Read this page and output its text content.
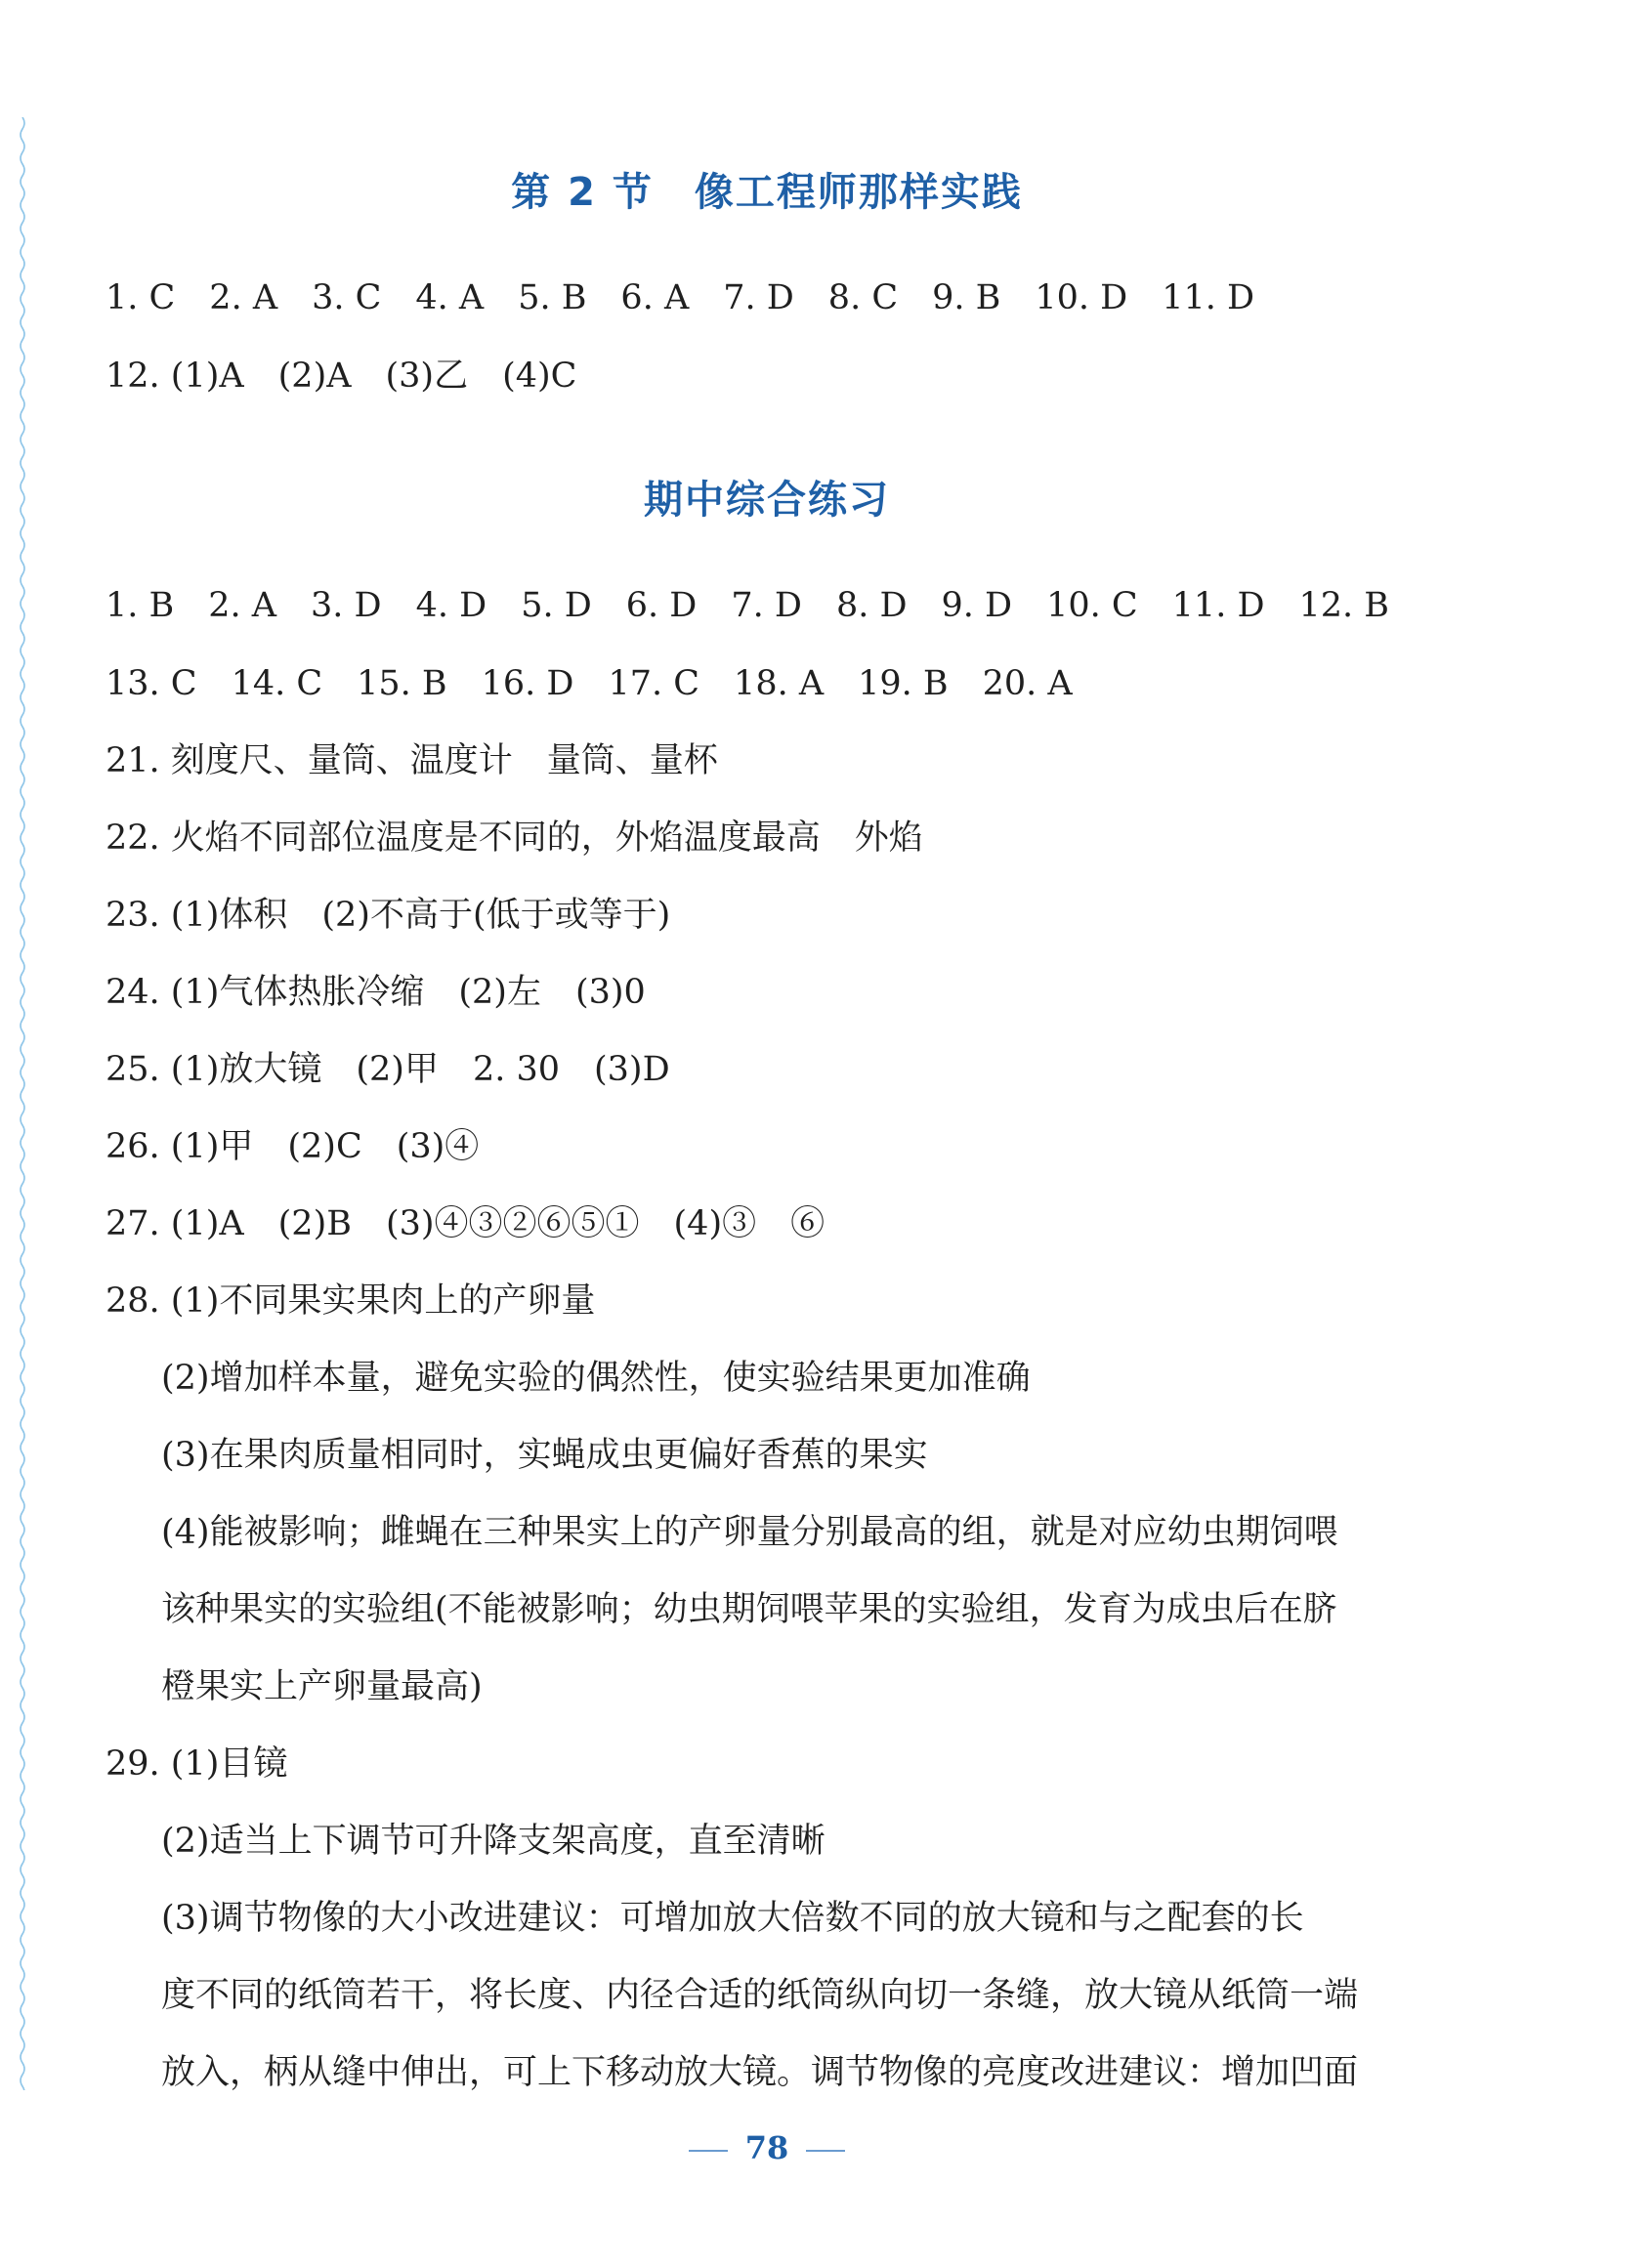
第 2 节　像工程师那样实践
1. C　2. A　3. C　4. A　5. B　6. A　7. D　8. C　9. B　10. D　11. D
12. (1)A　(2)A　(3)乙　(4)C
期中综合练习
1. B　2. A　3. D　4. D　5. D　6. D　7. D　8. D　9. D　10. C　11. D　12. B
13. C　14. C　15. B　16. D　17. C　18. A　19. B　20. A
21. 刻度尺、量筒、温度计　量筒、量杯
22. 火焰不同部位温度是不同的，外焰温度最高　外焰
23. (1)体积　(2)不高于(低于或等于)
24. (1)气体热胀冷缩　(2)左　(3)0
25. (1)放大镜　(2)甲　2. 30　(3)D
26. (1)甲　(2)C　(3)④
27. (1)A　(2)B　(3)④③②⑥⑤①　(4)③　⑥
28. (1)不同果实果肉上的产卵量
(2)增加样本量，避免实验的偶然性，使实验结果更加准确
(3)在果肉质量相同时，实蝇成虫更偏好香蕉的果实
(4)能被影响；雌蝇在三种果实上的产卵量分别最高的组，就是对应幼虫期饲喂
该种果实的实验组(不能被影响；幼虫期饲喂苹果的实验组，发育为成虫后在脐
橙果实上产卵量最高)
29. (1)目镜
(2)适当上下调节可升降支架高度，直至清晰
(3)调节物像的大小改进建议：可增加放大倍数不同的放大镜和与之配套的长
度不同的纸筒若干，将长度、内径合适的纸筒纵向切一条缝，放大镜从纸筒一端
放入，柄从缝中伸出，可上下移动放大镜。调节物像的亮度改进建议：增加凹面
78
